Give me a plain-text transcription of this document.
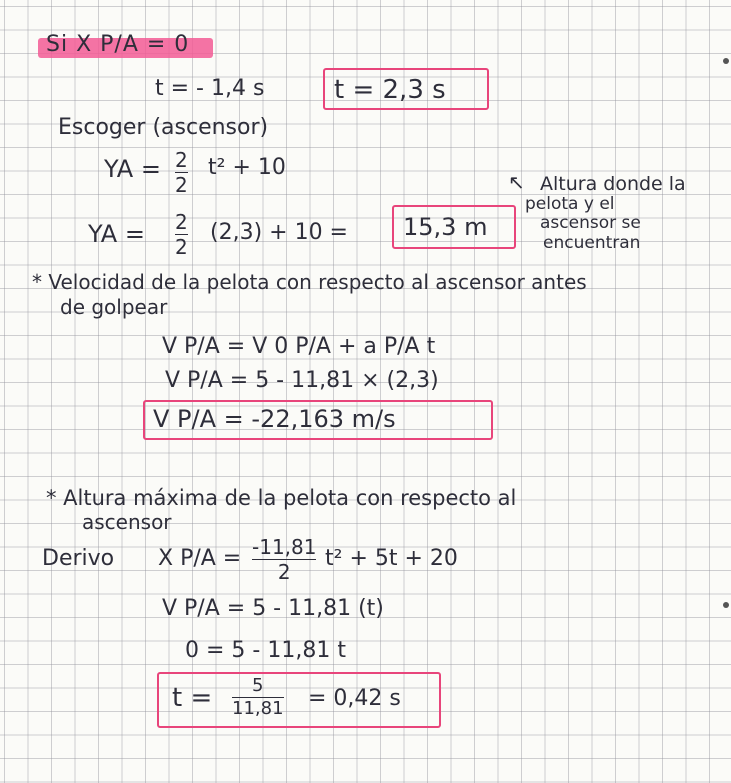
Si X P/A = 0
t = - 1,4 s	t = 2,3 s
Escoger (ascensor)
YA = 2
2
t² + 10
YA = 2
2
(2,3) + 10 = 15,3 m
↖ Altura donde la
pelota y el
ascensor se
encuentran
* Velocidad de la pelota con respecto al ascensor antes
de golpear
V P/A = V 0 P/A + a P/A t
V P/A = 5 - 11,81 × (2,3)
V P/A = -22,163 m/s
* Altura máxima de la pelota con respecto al
ascensor
Derivo X P/A = -11,81
2
t² + 5t + 20
V P/A = 5 - 11,81 (t)
0 = 5 - 11,81 t
t = 5
11,81 = 0,42 s
